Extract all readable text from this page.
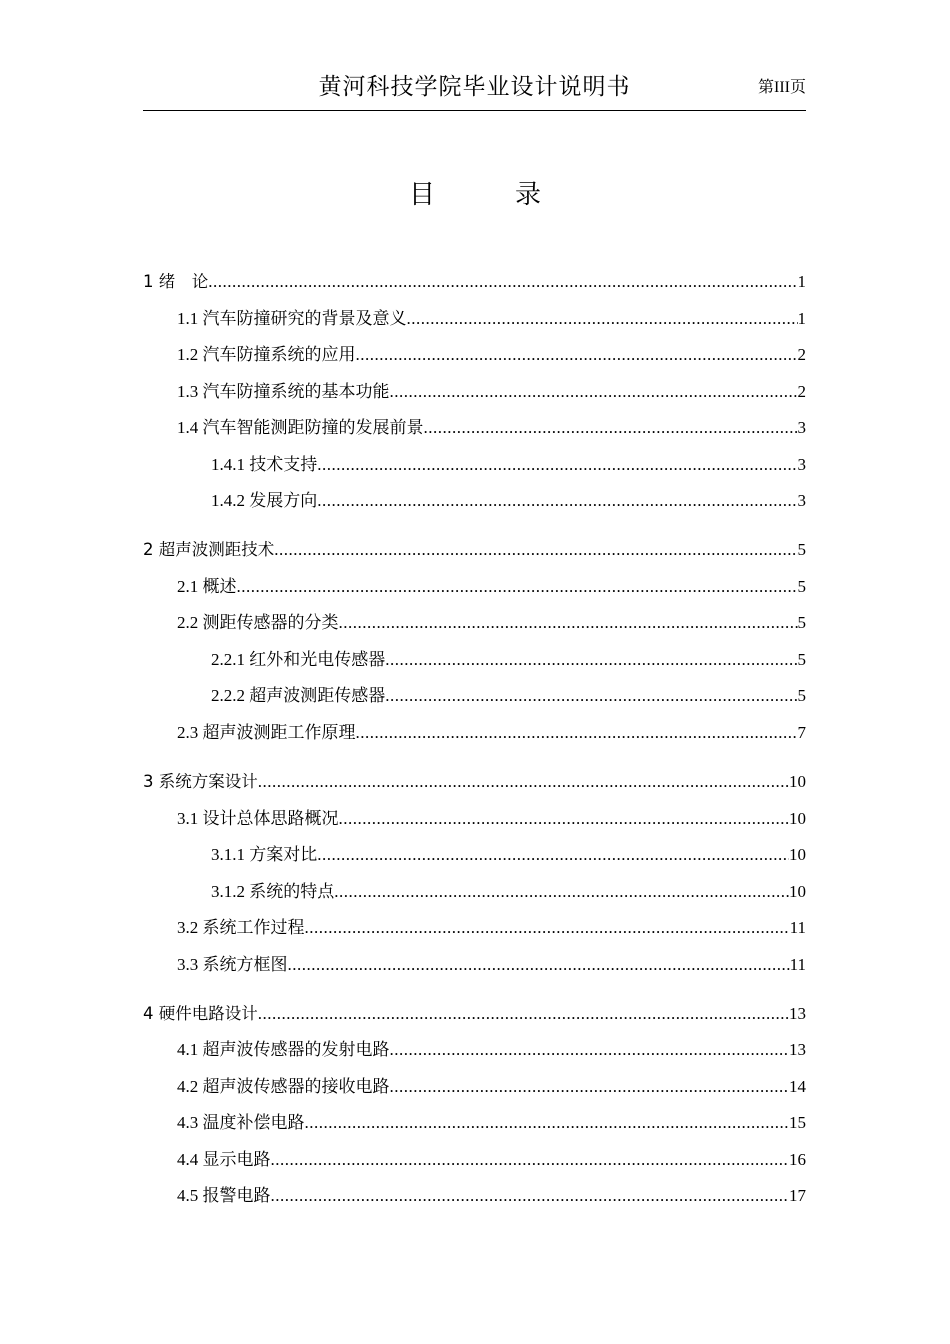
黄河科技学院毕业设计说明书	第III页
目	录
1 绪　论 .....	1
1.1 汽车防撞研究的背景及意义 .....	1
1.2 汽车防撞系统的应用 .....	2
1.3 汽车防撞系统的基本功能 .....	2
1.4 汽车智能测距防撞的发展前景 .....	3
1.4.1 技术支持 .....	3
1.4.2 发展方向 .....	3
2 超声波测距技术 .....	5
2.1 概述 .....	5
2.2 测距传感器的分类 .....	5
2.2.1 红外和光电传感器 .....	5
2.2.2 超声波测距传感器 .....	5
2.3 超声波测距工作原理 .....	7
3 系统方案设计 .....	10
3.1 设计总体思路概况 .....	10
3.1.1 方案对比 .....	10
3.1.2 系统的特点 .....	10
3.2 系统工作过程 .....	11
3.3 系统方框图 .....	11
4 硬件电路设计 .....	13
4.1 超声波传感器的发射电路 .....	13
4.2 超声波传感器的接收电路 .....	14
4.3 温度补偿电路 .....	15
4.4 显示电路 .....	16
4.5 报警电路 .....	17
